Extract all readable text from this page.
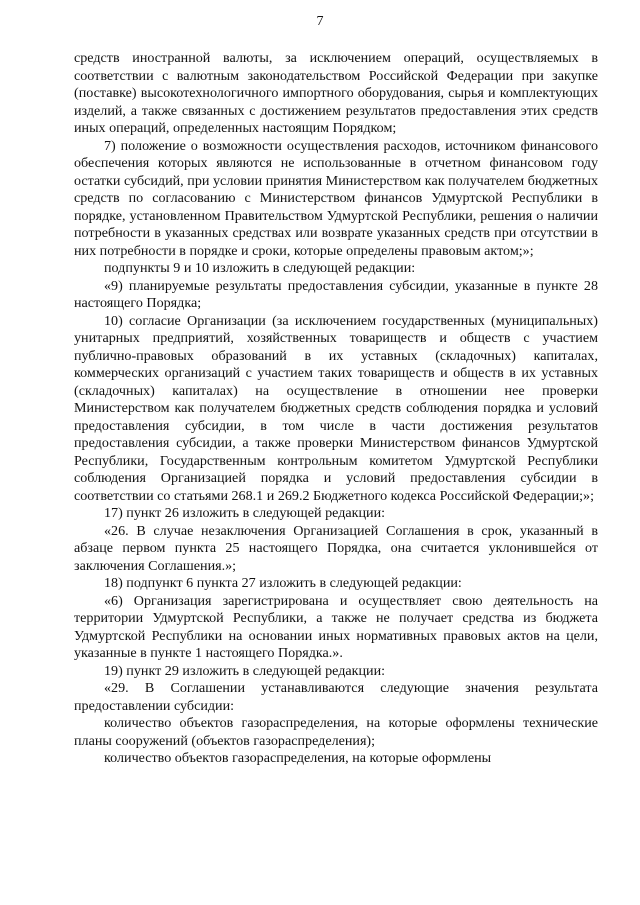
7

средств иностранной валюты, за исключением операций, осуществляемых в соответствии с валютным законодательством Российской Федерации при закупке (поставке) высокотехнологичного импортного оборудования, сырья и комплектующих изделий, а также связанных с достижением результатов предоставления этих средств иных операций, определенных настоящим Порядком;

7) положение о возможности осуществления расходов, источником финансового обеспечения которых являются не использованные в отчетном финансовом году остатки субсидий, при условии принятия Министерством как получателем бюджетных средств по согласованию с Министерством финансов Удмуртской Республики в порядке, установленном Правительством Удмуртской Республики, решения о наличии потребности в указанных средствах или возврате указанных средств при отсутствии в них потребности в порядке и сроки, которые определены правовым актом;»;

подпункты 9 и 10 изложить в следующей редакции:

«9) планируемые результаты предоставления субсидии, указанные в пункте 28 настоящего Порядка;

10) согласие Организации (за исключением государственных (муниципальных) унитарных предприятий, хозяйственных товариществ и обществ с участием публично-правовых образований в их уставных (складочных) капиталах, коммерческих организаций с участием таких товариществ и обществ в их уставных (складочных) капиталах) на осуществление в отношении нее проверки Министерством как получателем бюджетных средств соблюдения порядка и условий предоставления субсидии, в том числе в части достижения результатов предоставления субсидии, а также проверки Министерством финансов Удмуртской Республики, Государственным контрольным комитетом Удмуртской Республики соблюдения Организацией порядка и условий предоставления субсидии в соответствии со статьями 268.1 и 269.2 Бюджетного кодекса Российской Федерации;»;

17) пункт 26 изложить в следующей редакции:

«26. В случае незаключения Организацией Соглашения в срок, указанный в абзаце первом пункта 25 настоящего Порядка, она считается уклонившейся от заключения Соглашения.»;

18) подпункт 6 пункта 27 изложить в следующей редакции:

«6) Организация зарегистрирована и осуществляет свою деятельность на территории Удмуртской Республики, а также не получает средства из бюджета Удмуртской Республики на основании иных нормативных правовых актов на цели, указанные в пункте 1 настоящего Порядка.».

19) пункт 29 изложить в следующей редакции:

«29. В Соглашении устанавливаются следующие значения результата предоставлении субсидии:

количество объектов газораспределения, на которые оформлены технические планы сооружений (объектов газораспределения);

количество объектов газораспределения, на которые оформлены
